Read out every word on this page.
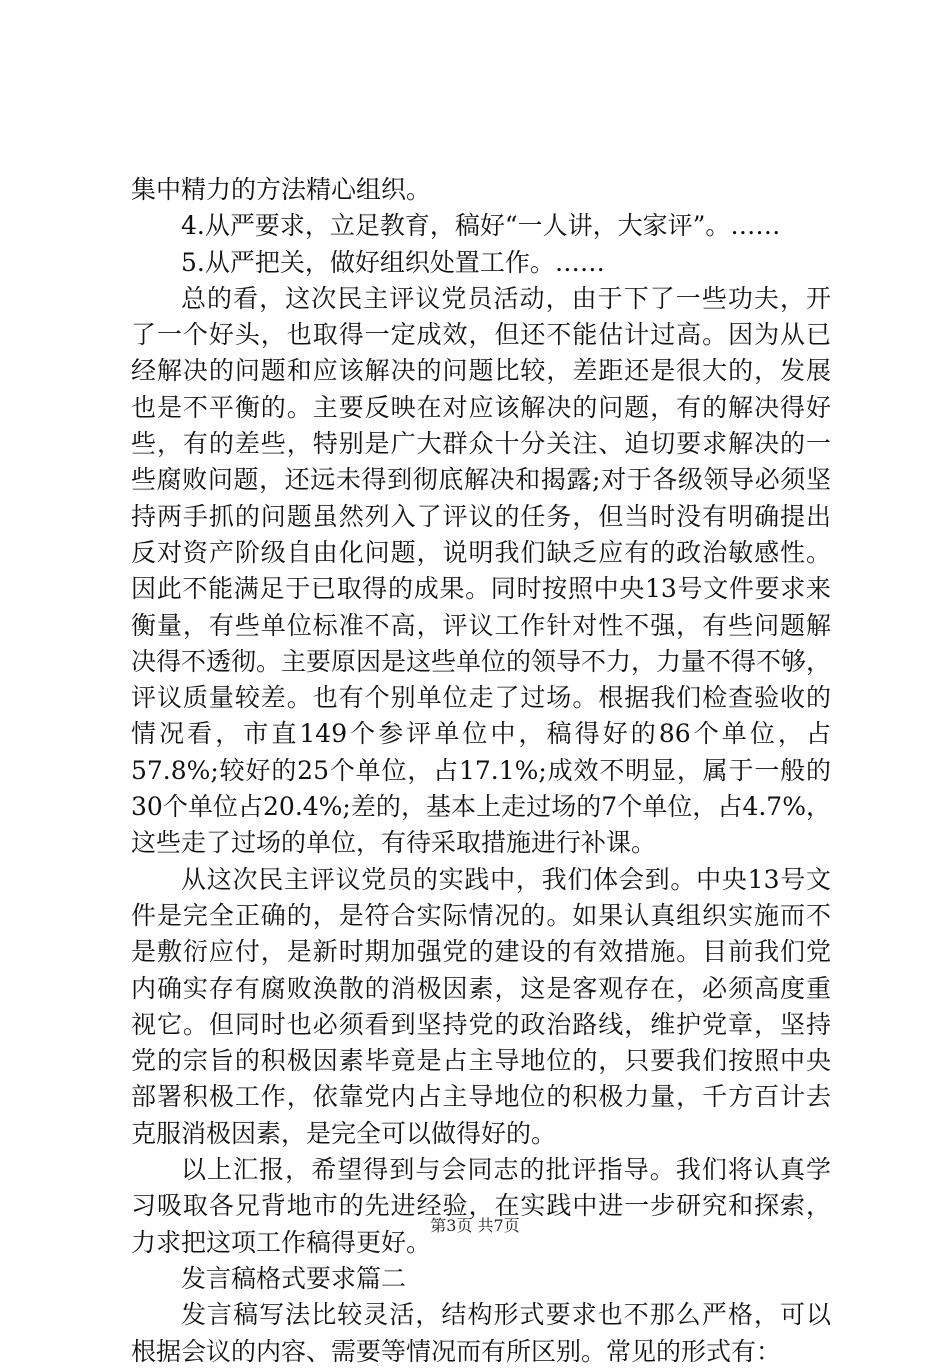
集中精力的方法精心组织。
4.从严要求，立足教育，稿好“一人讲，大家评”。……
5.从严把关，做好组织处置工作。……
总的看，这次民主评议党员活动，由于下了一些功夫，开
了一个好头，也取得一定成效，但还不能估计过高。因为从已
经解决的问题和应该解决的问题比较，差距还是很大的，发展
也是不平衡的。主要反映在对应该解决的问题，有的解决得好
些，有的差些，特别是广大群众十分关注、迫切要求解决的一
些腐败问题，还远未得到彻底解决和揭露;对于各级领导必须坚
持两手抓的问题虽然列入了评议的任务，但当时没有明确提出
反对资产阶级自由化问题，说明我们缺乏应有的政治敏感性。
因此不能满足于已取得的成果。同时按照中央13号文件要求来
衡量，有些单位标准不高，评议工作针对性不强，有些问题解
决得不透彻。主要原因是这些单位的领导不力，力量不得不够，
评议质量较差。也有个别单位走了过场。根据我们检查验收的
情况看，市直149个参评单位中，稿得好的86个单位，占
57.8%;较好的25个单位，占17.1%;成效不明显，属于一般的
30个单位占20.4%;差的，基本上走过场的7个单位，占4.7%，
这些走了过场的单位，有待采取措施进行补课。
从这次民主评议党员的实践中，我们体会到。中央13号文
件是完全正确的，是符合实际情况的。如果认真组织实施而不
是敷衍应付，是新时期加强党的建设的有效措施。目前我们党
内确实存有腐败涣散的消极因素，这是客观存在，必须高度重
视它。但同时也必须看到坚持党的政治路线，维护党章，坚持
党的宗旨的积极因素毕竟是占主导地位的，只要我们按照中央
部署积极工作，依靠党内占主导地位的积极力量，千方百计去
克服消极因素，是完全可以做得好的。
以上汇报，希望得到与会同志的批评指导。我们将认真学
习吸取各兄背地市的先进经验，在实践中进一步研究和探索，
力求把这项工作稿得更好。
发言稿格式要求篇二
发言稿写法比较灵活，结构形式要求也不那么严格，可以
根据会议的内容、需要等情况而有所区别。常见的形式有：
第3页 共7页
